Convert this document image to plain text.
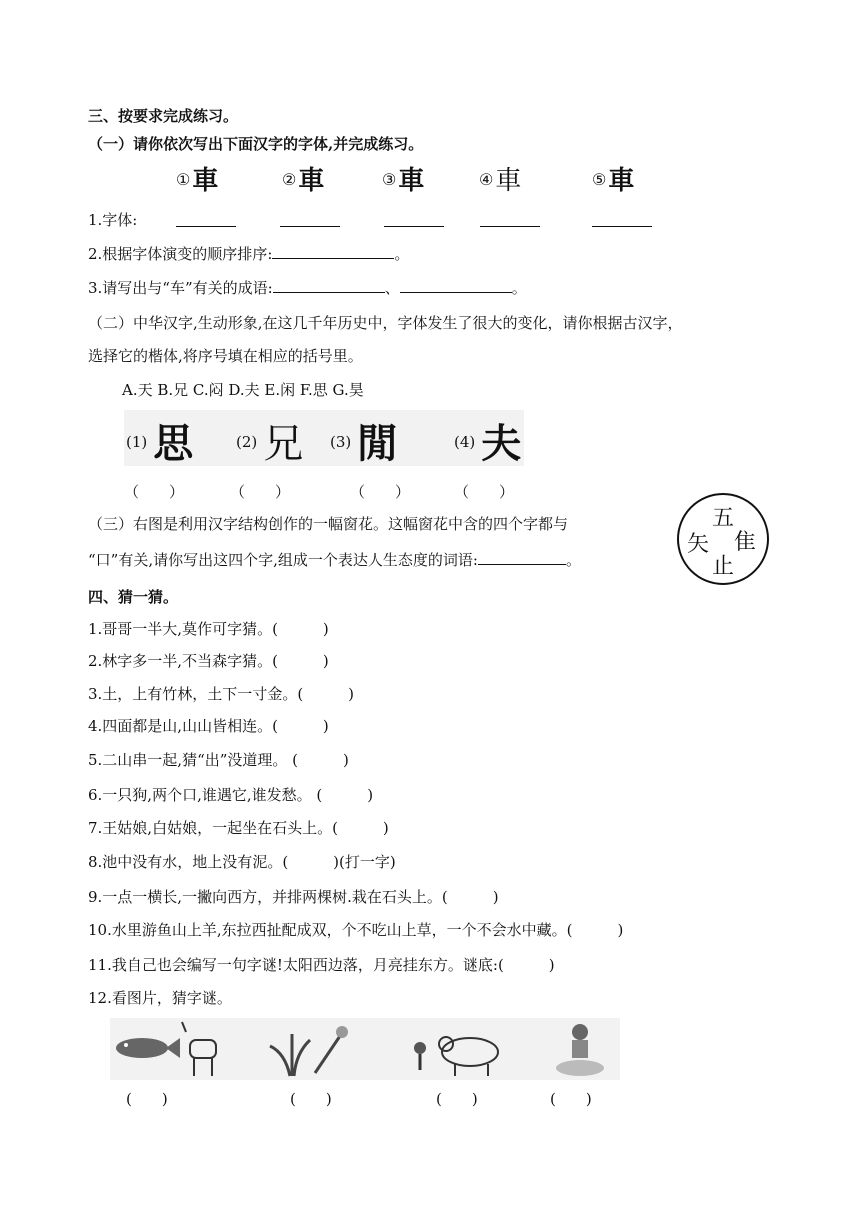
三、按要求完成练习。
（一）请你依次写出下面汉字的字体,并完成练习。
①車	②車	③車	④車	⑤車
1.字体:
2.根据字体演变的顺序排序:	。
3.请写出与“车”有关的成语:	、	。
（二）中华汉字,生动形象,在这几千年历史中，字体发生了很大的变化，请你根据古汉字，
选择它的楷体,将序号填在相应的括号里。
A.天 B.兄 C.闷 D.夫 E.闲 F.思 G.昊
(1) 思	(2) 兄 (3) 閒	(4) 夫
（　　）	（　　）	（　　）	（　　）
（三）右图是利用汉字结构创作的一幅窗花。这幅窗花中含的四个字都与
“口”有关,请你写出这四个字,组成一个表达人生态度的词语:	。
五
矢 隹
止
四、猜一猜。
1.哥哥一半大,莫作可字猜。(　　　)
2.林字多一半,不当森字猜。(　　　)
3.土，上有竹林，土下一寸金。(　　　)
4.四面都是山,山山皆相连。(　　　)
5.二山串一起,猜“出”没道理。 (　　　)
6.一只狗,两个口,谁遇它,谁发愁。 (　　　)
7.王姑娘,白姑娘，一起坐在石头上。(　　　)
8.池中没有水，地上没有泥。(　　　)(打一字)
9.一点一横长,一撇向西方，并排两棵树.栽在石头上。(　　　)
10.水里游鱼山上羊,东拉西扯配成双，个不吃山上草，一个不会水中藏。(　　　)
11.我自己也会编写一句字谜!太阳西边落，月亮挂东方。谜底:(　　　)
12.看图片，猜字谜。
(　　)	(　　)	(　　)	(　　)
